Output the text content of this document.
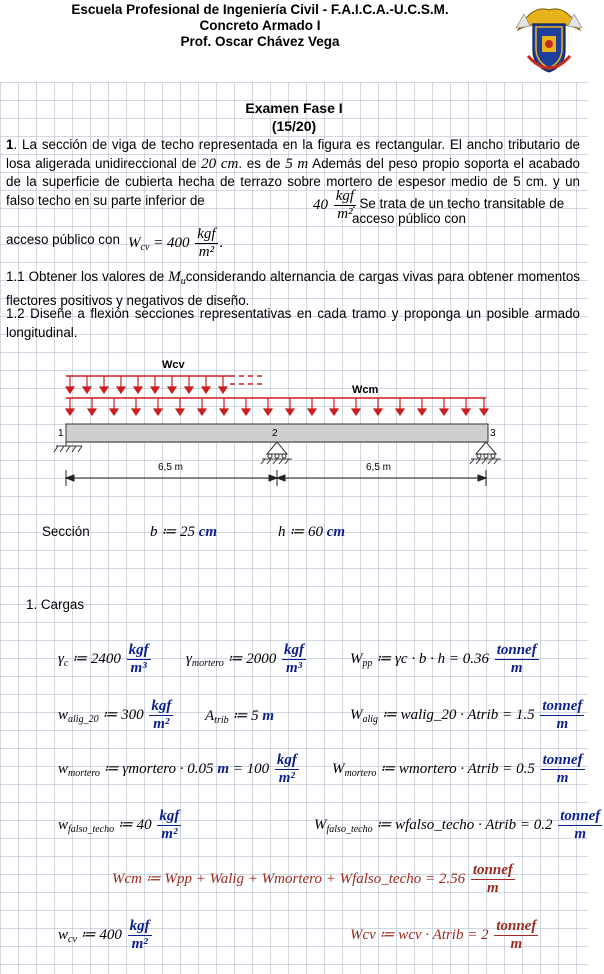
Escuela Profesional de Ingeniería Civil - F.A.I.C.A.-U.C.S.M.
Concreto Armado I
Prof. Oscar Chávez Vega
Examen Fase I
(15/20)
1. La sección de viga de techo representada en la figura es rectangular. El ancho tributario de losa aligerada unidireccional de 20 cm. es de 5 m Además del peso propio soporta el acabado de la superficie de cubierta hecha de terrazo sobre mortero de espesor medio de 5 cm. y un falso techo en su parte inferior de	$40 \frac{\text{kgf}}{\text{m²}}$
. Se trata de un techo transitable de acceso público con
acceso público con $W_{cv} = 400 \frac{\text{kgf}}{\text{m²}}$ .
1.1 Obtener los valores de $M_uconsiderando$ alternancia de cargas vivas para obtener momentos flectores positivos y negativos de diseño.
1.2 Diseñe a flexión secciones representativas en cada tramo y proponga un posible armado longitudinal.
Wcv
Wcm
1	2	3
6,5 m	6,5 m
Sección	b ≔ 25 cm	h ≔ 60 cm
1. Cargas
$\gamma_c$ ≔ $2400 \frac{\text{kgf}}{\text{m³}} \gamma_{mortero}$ ≔ $2000 \frac{\text{kgf}}{\text{m³}}$	$W_{pp}$ ≔ $\gamma c \cdot b \cdot h = 0.36 \frac{\text{tonnef}}{m}$
$w_{alig\_20}$ ≔ $300 \frac{\text{kgf}}{\text{m²}} A_{trib}$ ≔ 5 m	$W_{alig}$ ≔ walig_20 · Atrib = $1.5 \frac{\text{tonnef}}{m}$
$w_{mortero}$ ≔ γmortero · 0.05 $m = 100 \frac{\text{kgf}}{\text{m²}} W_{mortero}$ ≔ wmortero · Atrib = $0.5 \frac{\text{tonnef}}{m}$
$w_{falso\_techo}$ ≔ $40 \frac{\text{kgf}}{\text{m²}}$	$W_{falso\_techo}$ ≔ wfalso_techo · Atrib = $0.2 \frac{\text{tonnef}}{m}$
Wcm ≔ Wpp + Walig + Wmortero + Wfalso_techo = $2.56 \frac{\text{tonnef}}{m}$
$w_{cv}$ ≔ $400 \frac{\text{kgf}}{\text{m²}}$	Wcv ≔ wcv · Atrib = $2 \frac{\text{tonnef}}{m}$
